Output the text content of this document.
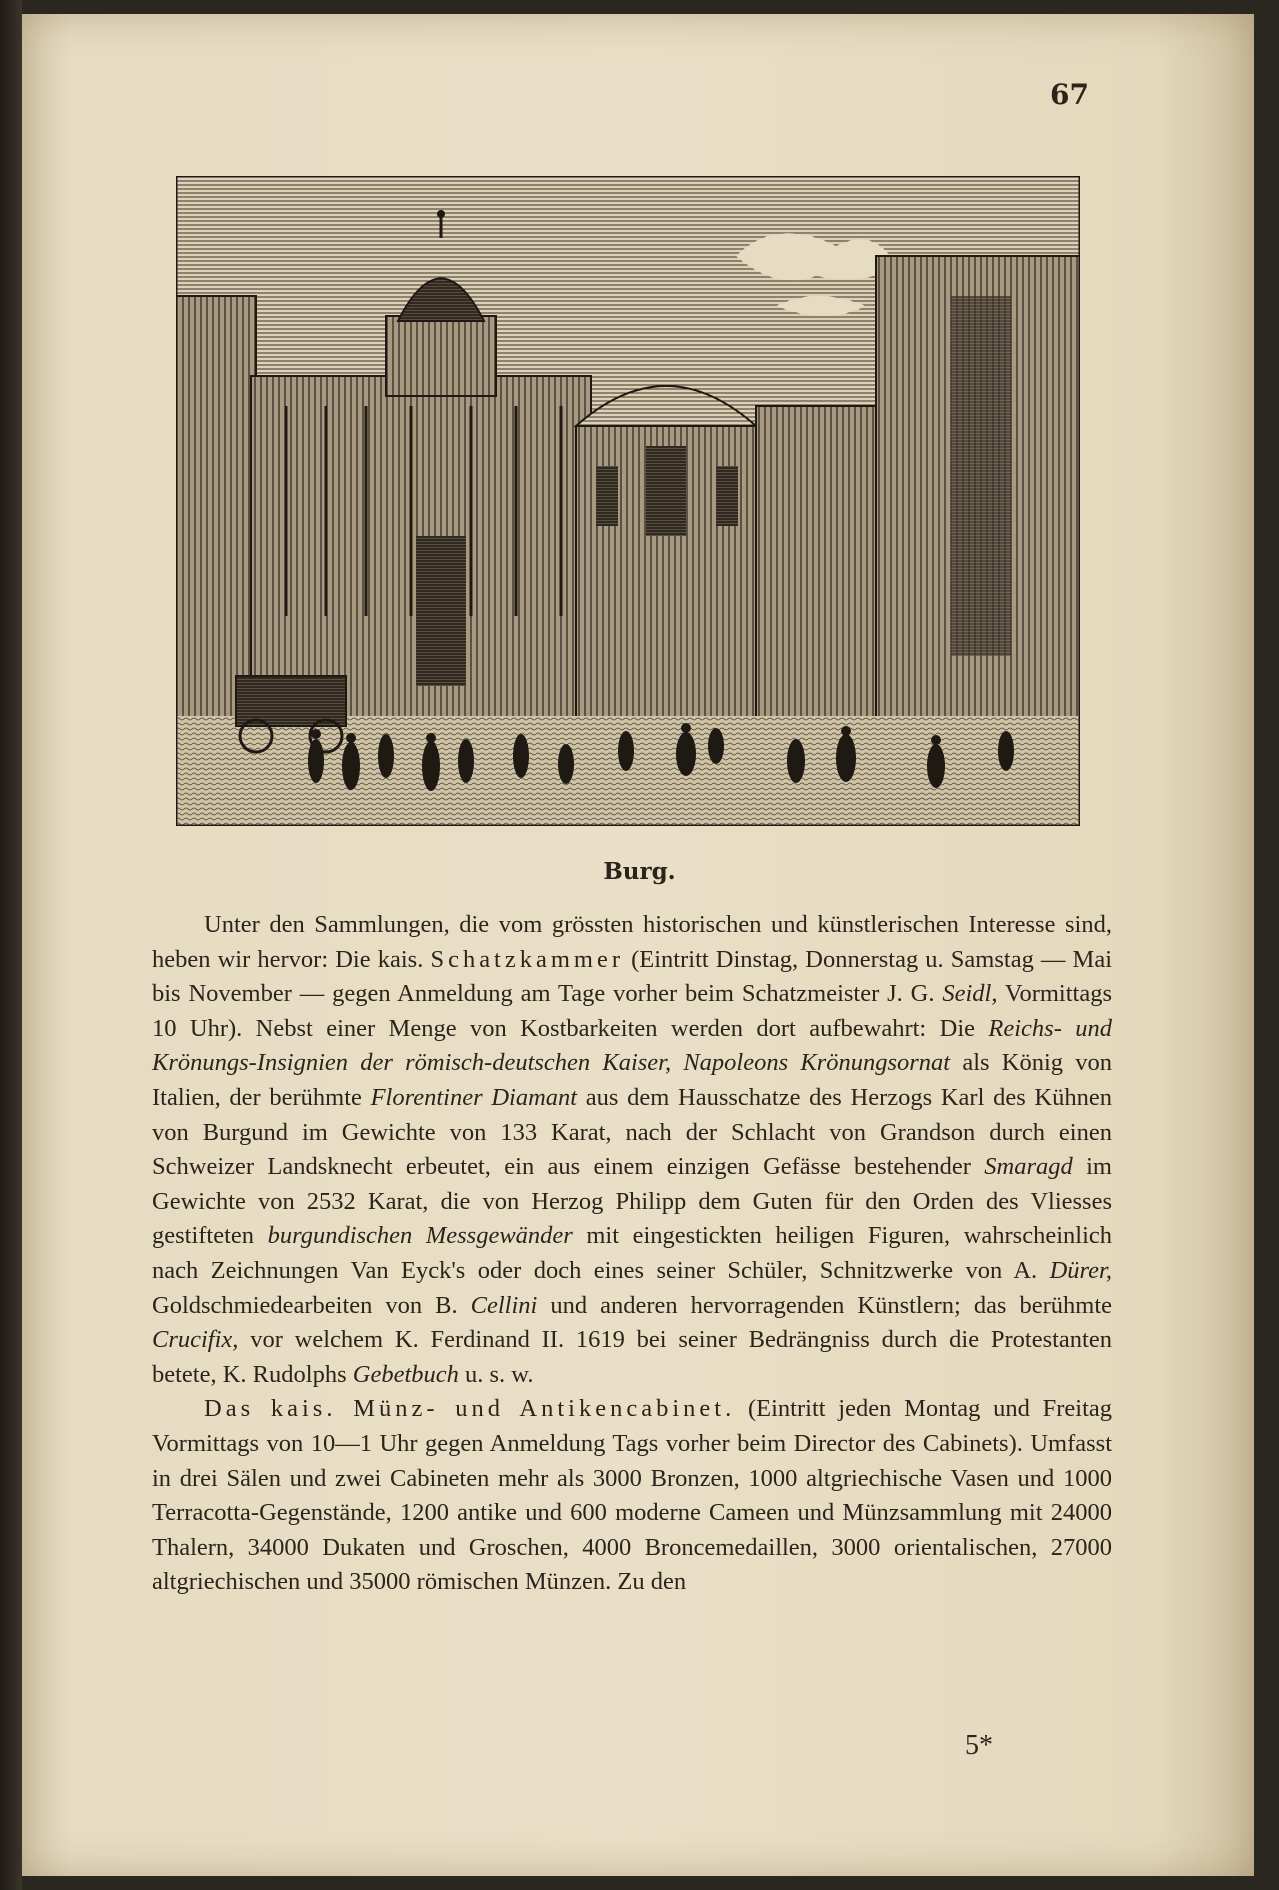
67
Burg.

Unter den Sammlungen, die vom grössten historischen und künstlerischen Interesse sind, heben wir hervor: Die kais. Schatzkammer (Eintritt Dinstag, Donnerstag u. Samstag — Mai bis November — gegen Anmeldung am Tage vorher beim Schatzmeister J. G. Seidl, Vormittags 10 Uhr). Nebst einer Menge von Kostbarkeiten werden dort aufbewahrt: Die Reichs- und Krönungs-Insignien der römisch-deutschen Kaiser, Napoleons Krönungsornat als König von Italien, der berühmte Florentiner Diamant aus dem Hausschatze des Herzogs Karl des Kühnen von Burgund im Gewichte von 133 Karat, nach der Schlacht von Grandson durch einen Schweizer Landsknecht erbeutet, ein aus einem einzigen Gefässe bestehender Smaragd im Gewichte von 2532 Karat, die von Herzog Philipp dem Guten für den Orden des Vliesses gestifteten burgundischen Messgewänder mit eingestickten heiligen Figuren, wahrscheinlich nach Zeichnungen Van Eyck's oder doch eines seiner Schüler, Schnitzwerke von A. Dürer, Goldschmiedearbeiten von B. Cellini und anderen hervorragenden Künstlern; das berühmte Crucifix, vor welchem K. Ferdinand II. 1619 bei seiner Bedrängniss durch die Protestanten betete, K. Rudolphs Gebetbuch u. s. w.

Das kais. Münz- und Antikencabinet. (Eintritt jeden Montag und Freitag Vormittags von 10—1 Uhr gegen Anmeldung Tags vorher beim Director des Cabinets). Umfasst in drei Sälen und zwei Cabineten mehr als 3000 Bronzen, 1000 altgriechische Vasen und 1000 Terracotta-Gegenstände, 1200 antike und 600 moderne Cameen und Münzsammlung mit 24000 Thalern, 34000 Dukaten und Groschen, 4000 Broncemedaillen, 3000 orientalischen, 27000 altgriechischen und 35000 römischen Münzen. Zu den

5*
